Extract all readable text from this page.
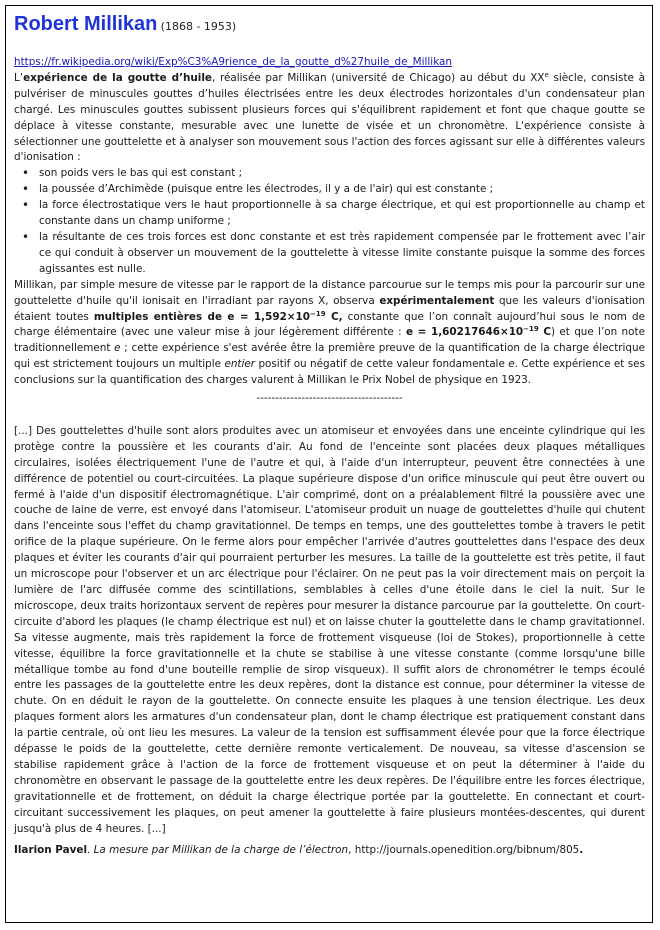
Robert Millikan (1868 - 1953)
https://fr.wikipedia.org/wiki/Exp%C3%A9rience_de_la_goutte_d%27huile_de_Millikan

L’expérience de la goutte d’huile, réalisée par Millikan (université de Chicago) au début du XXe siècle, consiste à pulvériser de minuscules gouttes d’huiles électrisées entre les deux électrodes horizontales d'un condensateur plan chargé. Les minuscules gouttes subissent plusieurs forces qui s'équilibrent rapidement et font que chaque goutte se déplace à vitesse constante, mesurable avec une lunette de visée et un chronomètre. L'expérience consiste à sélectionner une gouttelette et à analyser son mouvement sous l'action des forces agissant sur elle à différentes valeurs d'ionisation :

• son poids vers le bas qui est constant ;
• la poussée d’Archimède (puisque entre les électrodes, il y a de l'air) qui est constante ;
• la force électrostatique vers le haut proportionnelle à sa charge électrique, et qui est proportionnelle au champ et constante dans un champ uniforme ;
• la résultante de ces trois forces est donc constante et est très rapidement compensée par le frottement avec l’air ce qui conduit à observer un mouvement de la gouttelette à vitesse limite constante puisque la somme des forces agissantes est nulle.

Millikan, par simple mesure de vitesse par le rapport de la distance parcourue sur le temps mis pour la parcourir sur une gouttelette d'huile qu'il ionisait en l'irradiant par rayons X, observa expérimentalement que les valeurs d'ionisation étaient toutes multiples entières de $e = 1,592\times 10^{-19}$ C, constante que l’on connaît aujourd’hui sous le nom de charge élémentaire (avec une valeur mise à jour légèrement différente : $e = 1,60217646\times 10^{-19}$ C) et que l’on note traditionnellement e ; cette expérience s'est avérée être la première preuve de la quantification de la charge électrique qui est strictement toujours un multiple entier positif ou négatif de cette valeur fondamentale e. Cette expérience et ses conclusions sur la quantification des charges valurent à Millikan le Prix Nobel de physique en 1923.

---------------------------------------

[...] Des gouttelettes d'huile sont alors produites avec un atomiseur et envoyées dans une enceinte cylindrique qui les protège contre la poussière et les courants d'air. Au fond de l'enceinte sont placées deux plaques métalliques circulaires, isolées électriquement l'une de l'autre et qui, à l'aide d'un interrupteur, peuvent être connectées à une différence de potentiel ou court-circuitées. La plaque supérieure dispose d'un orifice minuscule qui peut être ouvert ou fermé à l'aide d'un dispositif électromagnétique. L'air comprimé, dont on a préalablement filtré la poussière avec une couche de laine de verre, est envoyé dans l'atomiseur. L'atomiseur produit un nuage de gouttelettes d'huile qui chutent dans l'enceinte sous l'effet du champ gravitationnel. De temps en temps, une des gouttelettes tombe à travers le petit orifice de la plaque supérieure. On le ferme alors pour empêcher l'arrivée d'autres gouttelettes dans l'espace des deux plaques et éviter les courants d'air qui pourraient perturber les mesures. La taille de la gouttelette est très petite, il faut un microscope pour l'observer et un arc électrique pour l'éclairer. On ne peut pas la voir directement mais on perçoit la lumière de l'arc diffusée comme des scintillations, semblables à celles d'une étoile dans le ciel la nuit. Sur le microscope, deux traits horizontaux servent de repères pour mesurer la distance parcourue par la gouttelette. On court-circuite d'abord les plaques (le champ électrique est nul) et on laisse chuter la gouttelette dans le champ gravitationnel. Sa vitesse augmente, mais très rapidement la force de frottement visqueuse (loi de Stokes), proportionnelle à cette vitesse, équilibre la force gravitationnelle et la chute se stabilise à une vitesse constante (comme lorsqu'une bille métallique tombe au fond d'une bouteille remplie de sirop visqueux). Il suffit alors de chronométrer le temps écoulé entre les passages de la gouttelette entre les deux repères, dont la distance est connue, pour déterminer la vitesse de chute. On en déduit le rayon de la gouttelette. On connecte ensuite les plaques à une tension électrique. Les deux plaques forment alors les armatures d'un condensateur plan, dont le champ électrique est pratiquement constant dans la partie centrale, où ont lieu les mesures. La valeur de la tension est suffisamment élevée pour que la force électrique dépasse le poids de la gouttelette, cette dernière remonte verticalement. De nouveau, sa vitesse d'ascension se stabilise rapidement grâce à l'action de la force de frottement visqueuse et on peut la déterminer à l'aide du chronomètre en observant le passage de la gouttelette entre les deux repères. De l'équilibre entre les forces électrique, gravitationnelle et de frottement, on déduit la charge électrique portée par la gouttelette. En connectant et court-circuitant successivement les plaques, on peut amener la gouttelette à faire plusieurs montées-descentes, qui durent jusqu'à plus de 4 heures. [...]

Ilarion Pavel. La mesure par Millikan de la charge de l’électron, http://journals.openedition.org/bibnum/805.
